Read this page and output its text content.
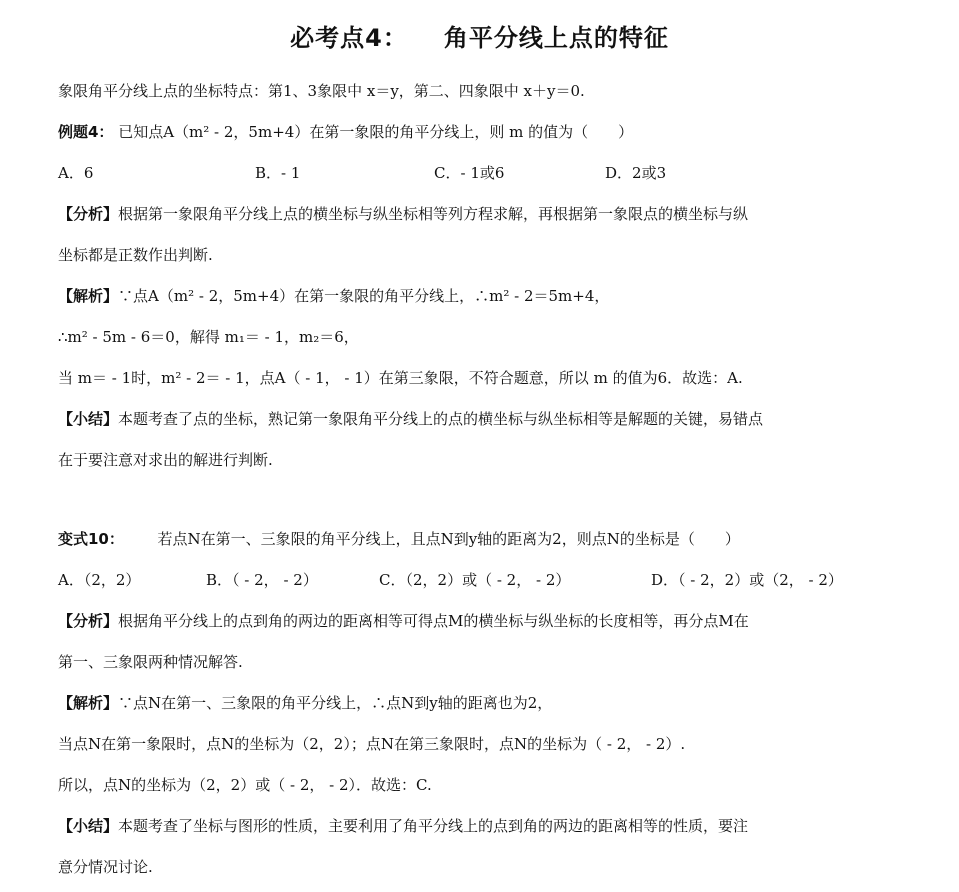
必考点4： 角平分线上点的特征
象限角平分线上点的坐标特点：第1、3象限中 x＝y，第二、四象限中 x＋y＝0.
例题4： 已知点A（m² - 2，5m+4）在第一象限的角平分线上，则 m 的值为（　　）
A．6	B．- 1	C．- 1或6	D．2或3
【分析】根据第一象限角平分线上点的横坐标与纵坐标相等列方程求解，再根据第一象限点的横坐标与纵
坐标都是正数作出判断.
【解析】∵点A（m² - 2，5m+4）在第一象限的角平分线上，∴m² - 2＝5m+4，
∴m² - 5m - 6＝0，解得 m₁＝ - 1，m₂＝6，
当 m＝ - 1时，m² - 2＝ - 1，点A（ - 1， - 1）在第三象限，不符合题意，所以 m 的值为6．故选：A.
【小结】本题考查了点的坐标，熟记第一象限角平分线上的点的横坐标与纵坐标相等是解题的关键，易错点
在于要注意对求出的解进行判断.
变式10： 若点N在第一、三象限的角平分线上，且点N到y轴的距离为2，则点N的坐标是（　　）
A．（2，2）	B．（ - 2， - 2）	C．（2，2）或（ - 2， - 2）	D．（ - 2，2）或（2， - 2）
【分析】根据角平分线上的点到角的两边的距离相等可得点M的横坐标与纵坐标的长度相等，再分点M在
第一、三象限两种情况解答.
【解析】∵点N在第一、三象限的角平分线上，∴点N到y轴的距离也为2，
当点N在第一象限时，点N的坐标为（2，2）；点N在第三象限时，点N的坐标为（ - 2， - 2）.
所以，点N的坐标为（2，2）或（ - 2， - 2）．故选：C.
【小结】本题考查了坐标与图形的性质，主要利用了角平分线上的点到角的两边的距离相等的性质，要注
意分情况讨论.
